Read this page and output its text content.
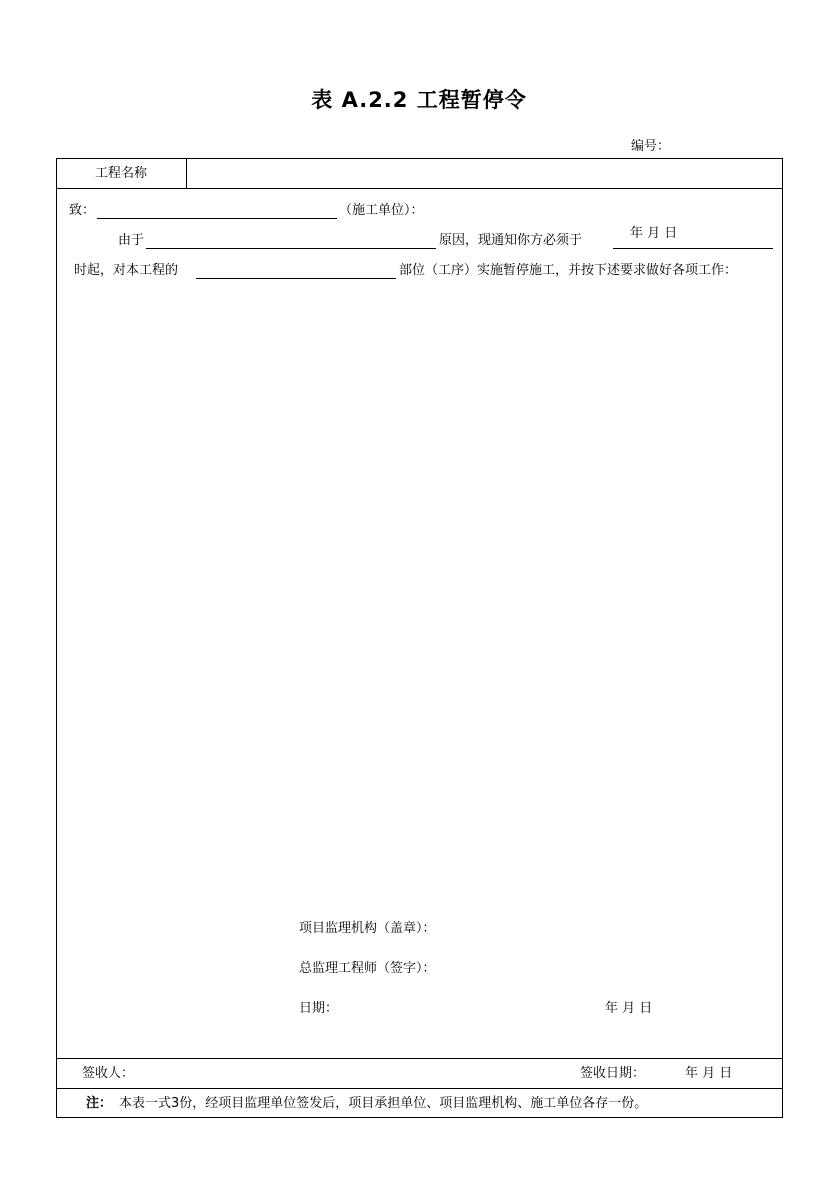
表 A.2.2 工程暂停令
编号：
工程名称
致：	（施工单位）：
由于	原因，现通知你方必须于	年 月 日
时起，对本工程的	部位（工序）实施暂停施工，并按下述要求做好各项工作：
项目监理机构（盖章）：
总监理工程师（签字）：
日期：	年 月 日
签收人：	签收日期：	年 月 日
注： 本表一式3份，经项目监理单位签发后，项目承担单位、项目监理机构、施工单位各存一份。
